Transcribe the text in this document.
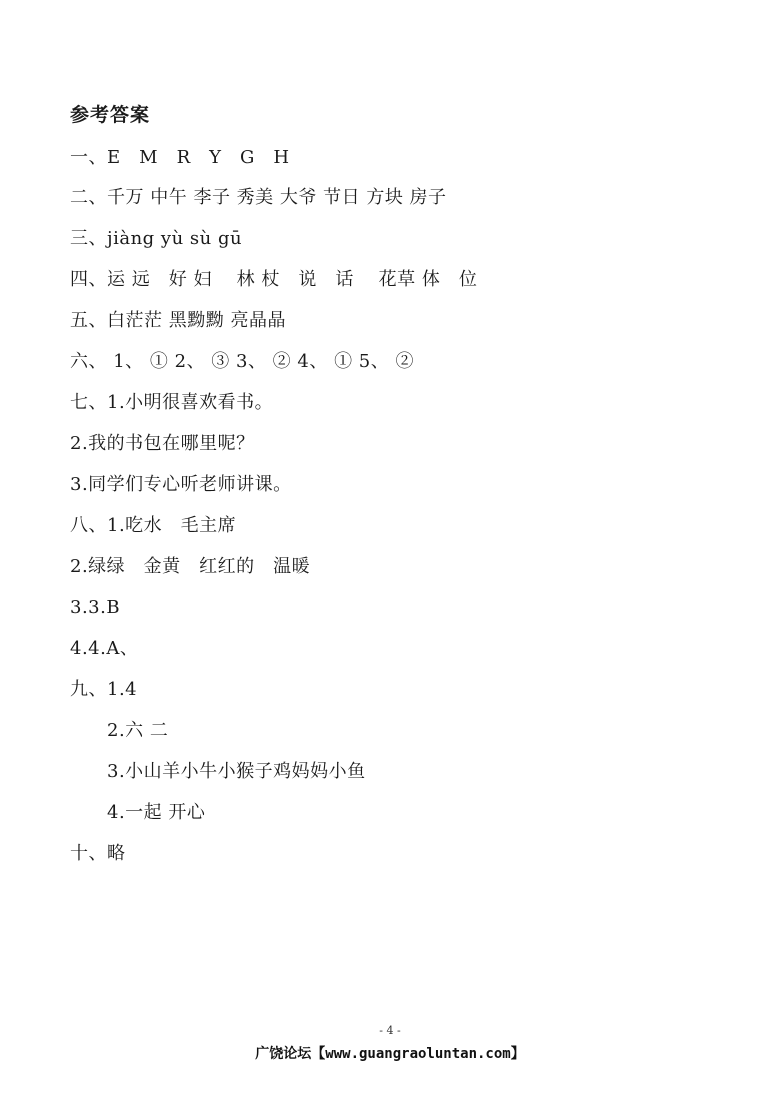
参考答案
一、E　M　R　Y　G　H
二、千万 中午 李子 秀美 大爷 节日 方块 房子
三、jiàng yù sù gū
四、运 远　好 妇　 林 杖　说　话　 花草 体　位
五、白茫茫 黑黝黝 亮晶晶
六、 1、 ① 2、 ③ 3、 ② 4、 ① 5、 ②
七、1.小明很喜欢看书。
2.我的书包在哪里呢？
3.同学们专心听老师讲课。
八、1.吃水　毛主席
2.绿绿　金黄　红红的　温暖
3.3.B
4.4.A、
九、1.4
2.六 二
3.小山羊小牛小猴子鸡妈妈小鱼
4.一起 开心
十、略
- 4 -
广饶论坛【www.guangraoluntan.com】
